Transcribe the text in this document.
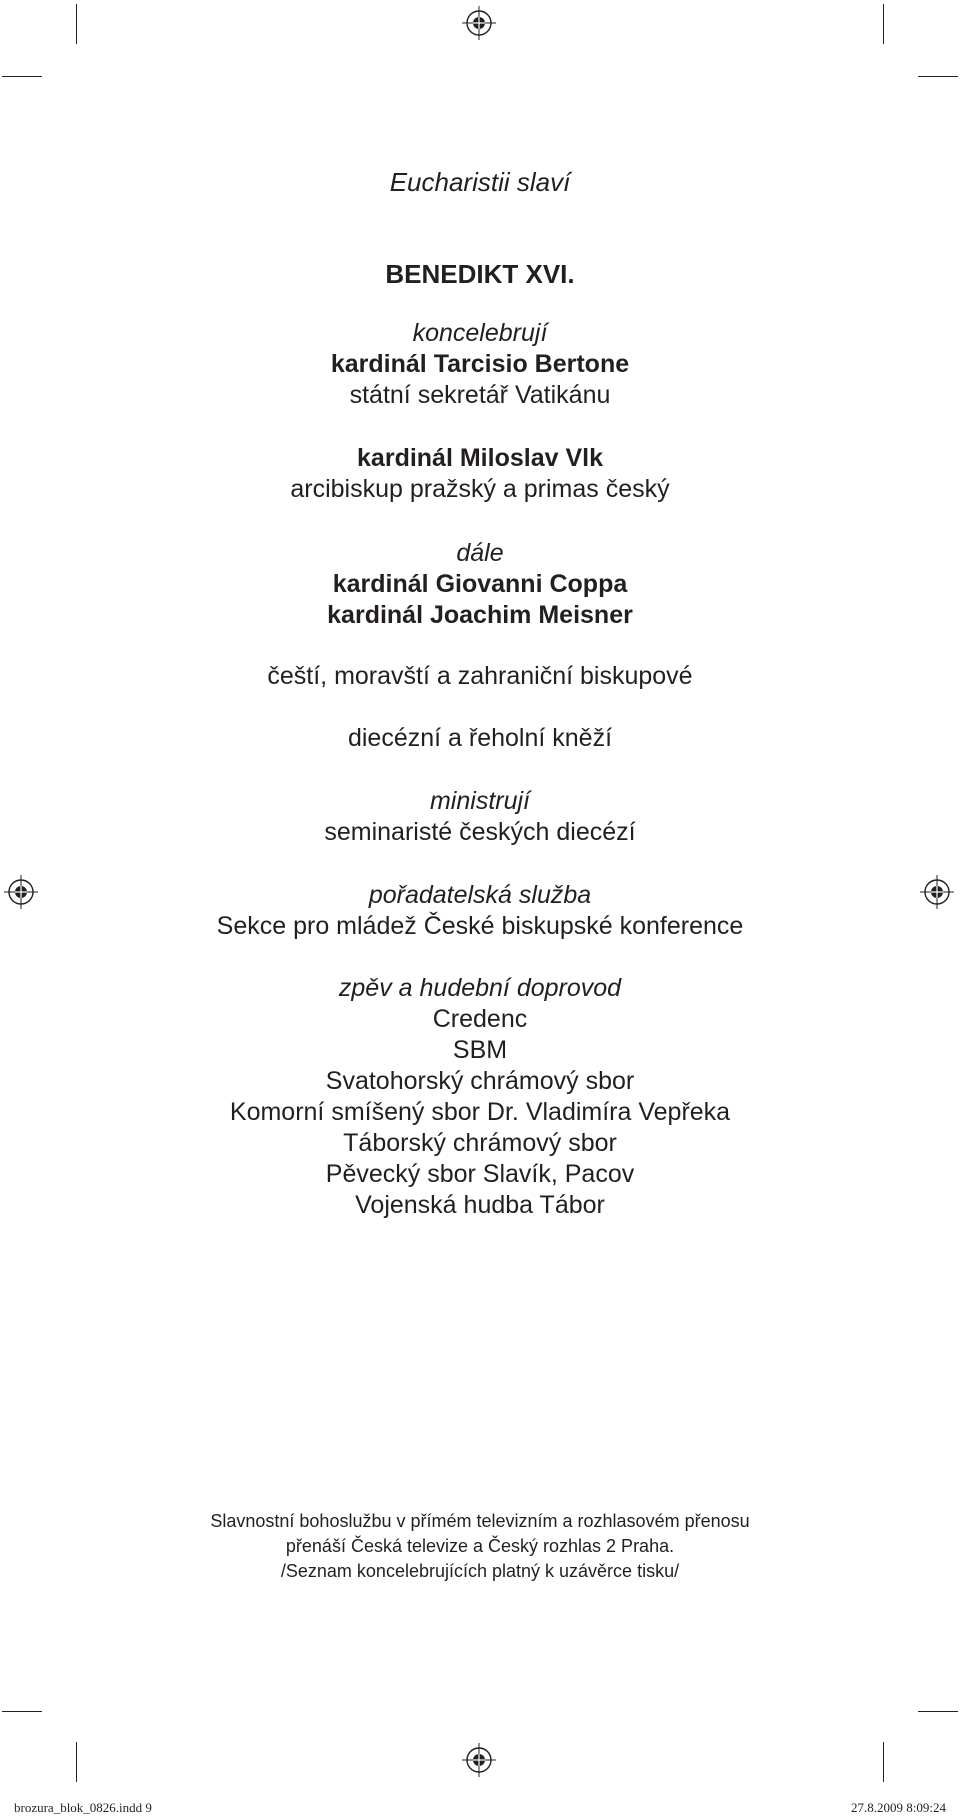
Eucharistii slaví
BENEDIKT XVI.
koncelebrují
kardinál Tarcisio Bertone
státní sekretář Vatikánu
kardinál Miloslav Vlk
arcibiskup pražský a primas český
dále
kardinál Giovanni Coppa
kardinál Joachim Meisner
čeští, moravští a zahraniční biskupové
diecézní a řeholní kněží
ministrují
seminaristé českých diecézí
pořadatelská služba
Sekce pro mládež České biskupské konference
zpěv a hudební doprovod
Credenc
SBM
Svatohorský chrámový sbor
Komorní smíšený sbor Dr. Vladimíra Vepřeka
Táborský chrámový sbor
Pěvecký sbor Slavík, Pacov
Vojenská hudba Tábor
Slavnostní bohoslužbu v přímém televizním a rozhlasovém přenosu
přenáší Česká televize a Český rozhlas 2 Praha.
/Seznam koncelebrujících platný k uzávěrce tisku/
brozura_blok_0826.indd 9	27.8.2009 8:09:24
